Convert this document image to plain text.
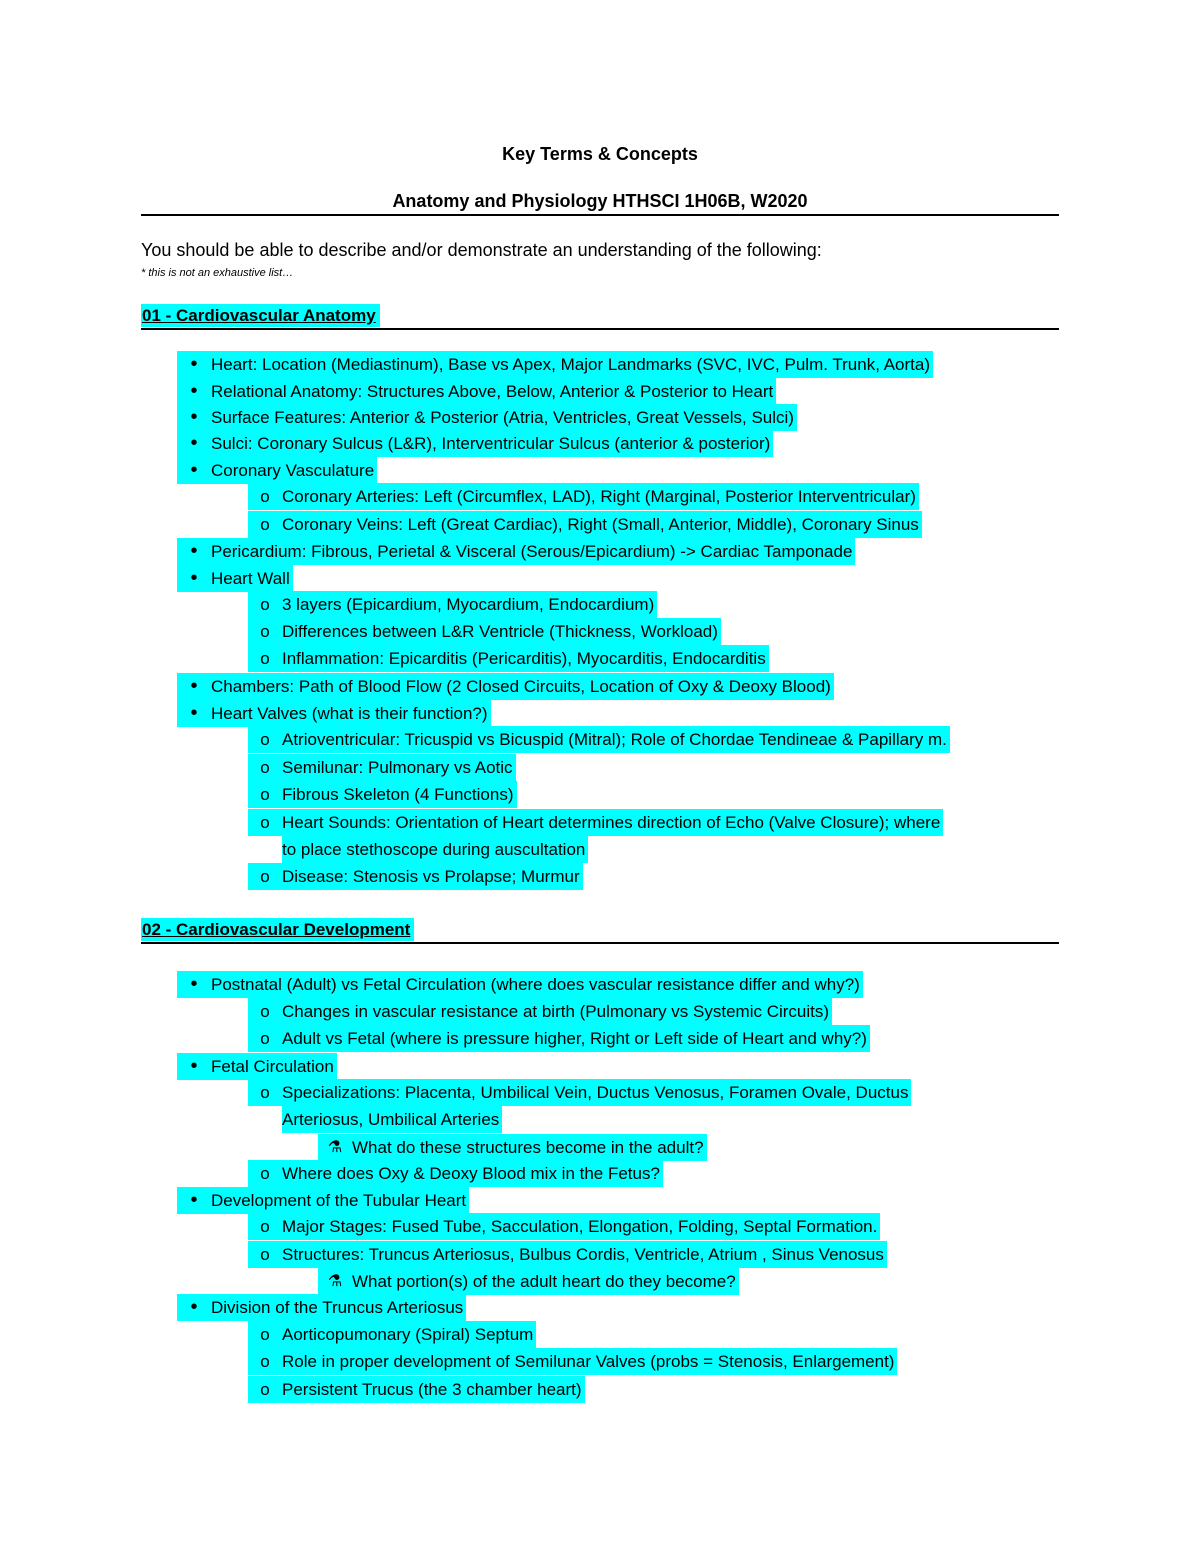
Key Terms & Concepts
Anatomy and Physiology HTHSCI 1H06B, W2020
You should be able to describe and/or demonstrate an understanding of the following:
* this is not an exhaustive list…
01 - Cardiovascular Anatomy
• Heart: Location (Mediastinum), Base vs Apex, Major Landmarks (SVC, IVC, Pulm. Trunk, Aorta)
• Relational Anatomy: Structures Above, Below, Anterior & Posterior to Heart
• Surface Features: Anterior & Posterior (Atria, Ventricles, Great Vessels, Sulci)
• Sulci: Coronary Sulcus (L&R), Interventricular Sulcus (anterior & posterior)
• Coronary Vasculature
o Coronary Arteries: Left (Circumflex, LAD), Right (Marginal, Posterior Interventricular)
o Coronary Veins: Left (Great Cardiac), Right (Small, Anterior, Middle), Coronary Sinus
• Pericardium: Fibrous, Perietal & Visceral (Serous/Epicardium) -> Cardiac Tamponade
• Heart Wall
o 3 layers (Epicardium, Myocardium, Endocardium)
o Differences between L&R Ventricle (Thickness, Workload)
o Inflammation: Epicarditis (Pericarditis), Myocarditis, Endocarditis
• Chambers: Path of Blood Flow (2 Closed Circuits, Location of Oxy & Deoxy Blood)
• Heart Valves (what is their function?)
o Atrioventricular: Tricuspid vs Bicuspid (Mitral); Role of Chordae Tendineae & Papillary m.
o Semilunar: Pulmonary vs Aotic
o Fibrous Skeleton (4 Functions)
o Heart Sounds: Orientation of Heart determines direction of Echo (Valve Closure); where
to place stethoscope during auscultation
o Disease: Stenosis vs Prolapse; Murmur
02 - Cardiovascular Development
• Postnatal (Adult) vs Fetal Circulation (where does vascular resistance differ and why?)
o Changes in vascular resistance at birth (Pulmonary vs Systemic Circuits)
o Adult vs Fetal (where is pressure higher, Right or Left side of Heart and why?)
• Fetal Circulation
o Specializations: Placenta, Umbilical Vein, Ductus Venosus, Foramen Ovale, Ductus
Arteriosus, Umbilical Arteries
⚗ What do these structures become in the adult?
o Where does Oxy & Deoxy Blood mix in the Fetus?
• Development of the Tubular Heart
o Major Stages: Fused Tube, Sacculation, Elongation, Folding, Septal Formation.
o Structures: Truncus Arteriosus, Bulbus Cordis, Ventricle, Atrium , Sinus Venosus
⚗ What portion(s) of the adult heart do they become?
• Division of the Truncus Arteriosus
o Aorticopumonary (Spiral) Septum
o Role in proper development of Semilunar Valves (probs = Stenosis, Enlargement)
o Persistent Trucus (the 3 chamber heart)
